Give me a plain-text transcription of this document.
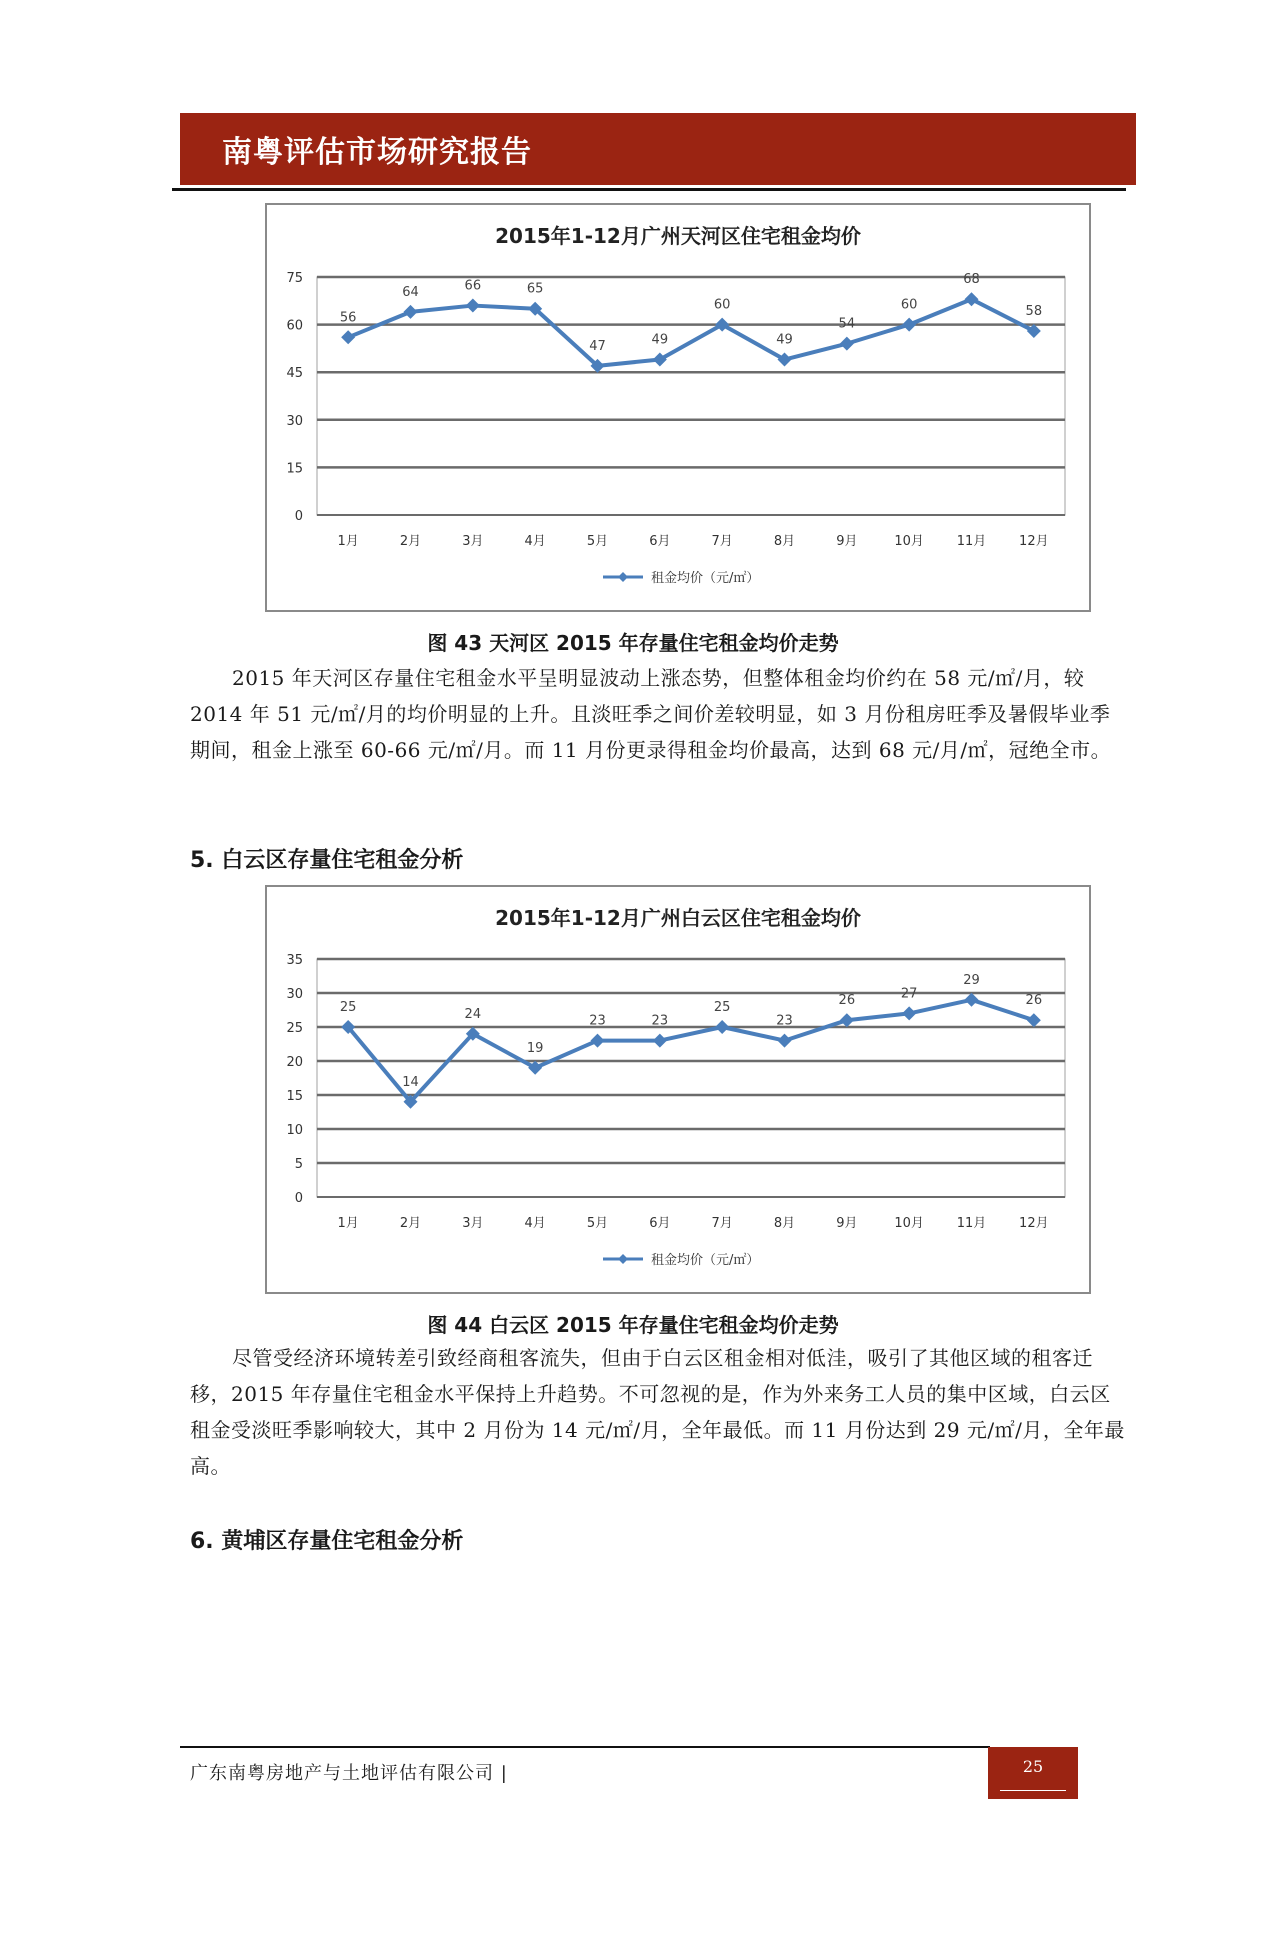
南粤评估市场研究报告
2015年1-12月广州天河区住宅租金均价
0
15
30
45
60
75
1月	2月	3月	4月	5月	6月	7月	8月	9月	10月	11月	12月
56
64	66	65
47	49
60
49
54
60
68
58
租金均价（元/㎡）
图 43 天河区 2015 年存量住宅租金均价走势

2015 年天河区存量住宅租金水平呈明显波动上涨态势，但整体租金均价约在 58 元/㎡/月，较 2014 年 51 元/㎡/月的均价明显的上升。且淡旺季之间价差较明显，如 3 月份租房旺季及暑假毕业季期间，租金上涨至 60-66 元/㎡/月。而 11 月份更录得租金均价最高，达到 68 元/月/㎡，冠绝全市。

5. 白云区存量住宅租金分析
2015年1-12月广州白云区住宅租金均价
0
5
10
15
20
25
30
35
1月	2月	3月	4月	5月	6月	7月	8月	9月	10月	11月	12月
25
14
24
19
23	23
25
23
26	27
29
26
租金均价（元/㎡）
图 44 白云区 2015 年存量住宅租金均价走势

尽管受经济环境转差引致经商租客流失，但由于白云区租金相对低洼，吸引了其他区域的租客迁移，2015 年存量住宅租金水平保持上升趋势。不可忽视的是，作为外来务工人员的集中区域，白云区租金受淡旺季影响较大，其中 2 月份为 14 元/㎡/月，全年最低。而 11 月份达到 29 元/㎡/月，全年最高。

6. 黄埔区存量住宅租金分析
广东南粤房地产与土地评估有限公司 |	25
